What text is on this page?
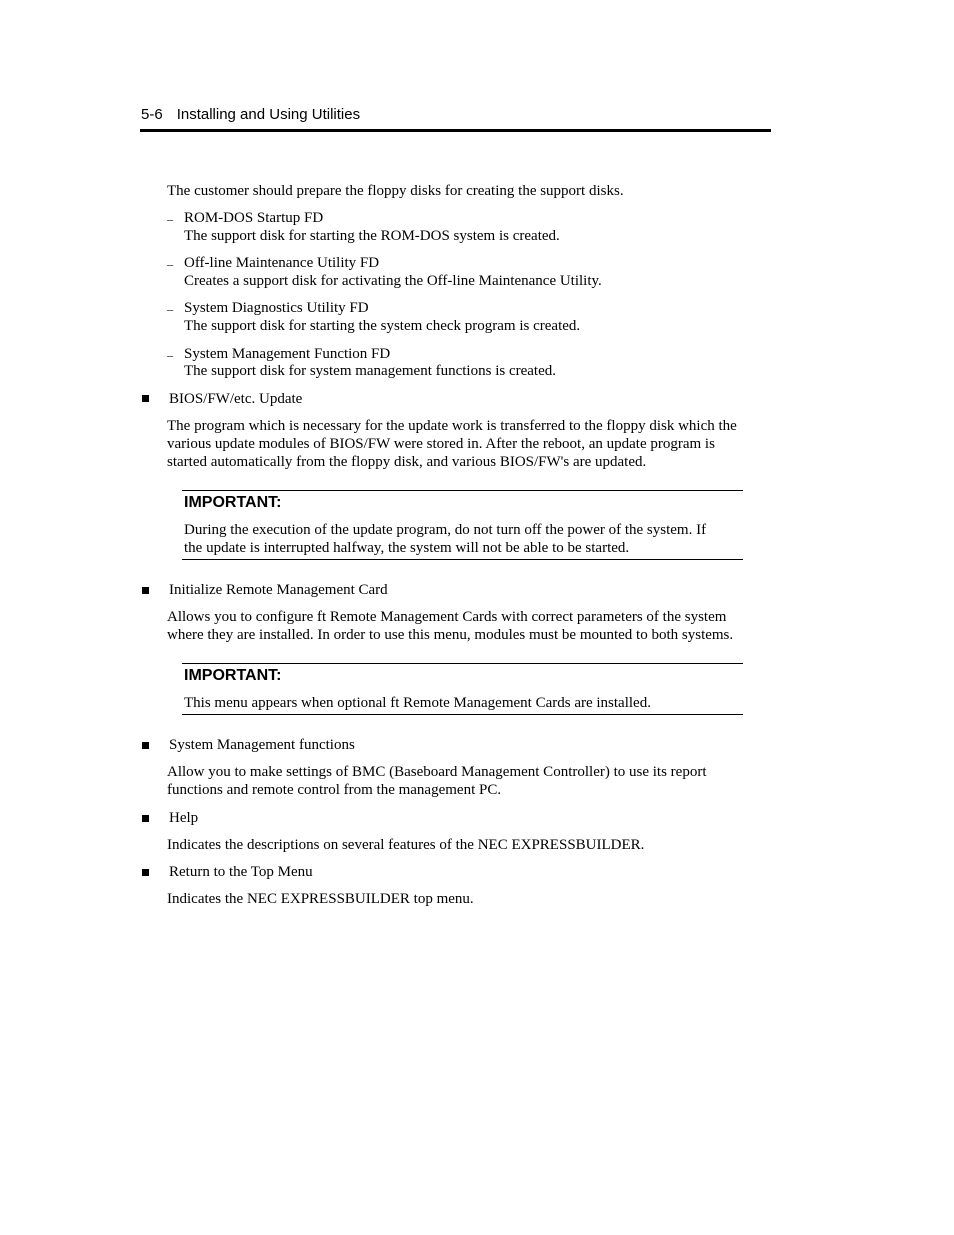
5-6 Installing and Using Utilities
The customer should prepare the floppy disks for creating the support disks.
– ROM-DOS Startup FD
The support disk for starting the ROM-DOS system is created.
– Off-line Maintenance Utility FD
Creates a support disk for activating the Off-line Maintenance Utility.
– System Diagnostics Utility FD
The support disk for starting the system check program is created.
– System Management Function FD
The support disk for system management functions is created.
BIOS/FW/etc. Update
The program which is necessary for the update work is transferred to the floppy disk which the
various update modules of BIOS/FW were stored in. After the reboot, an update program is
started automatically from the floppy disk, and various BIOS/FW's are updated.
IMPORTANT:
During the execution of the update program, do not turn off the power of the system. If
the update is interrupted halfway, the system will not be able to be started.
Initialize Remote Management Card
Allows you to configure ft Remote Management Cards with correct parameters of the system
where they are installed. In order to use this menu, modules must be mounted to both systems.
IMPORTANT:
This menu appears when optional ft Remote Management Cards are installed.
System Management functions
Allow you to make settings of BMC (Baseboard Management Controller) to use its report
functions and remote control from the management PC.
Help
Indicates the descriptions on several features of the NEC EXPRESSBUILDER.
Return to the Top Menu
Indicates the NEC EXPRESSBUILDER top menu.
